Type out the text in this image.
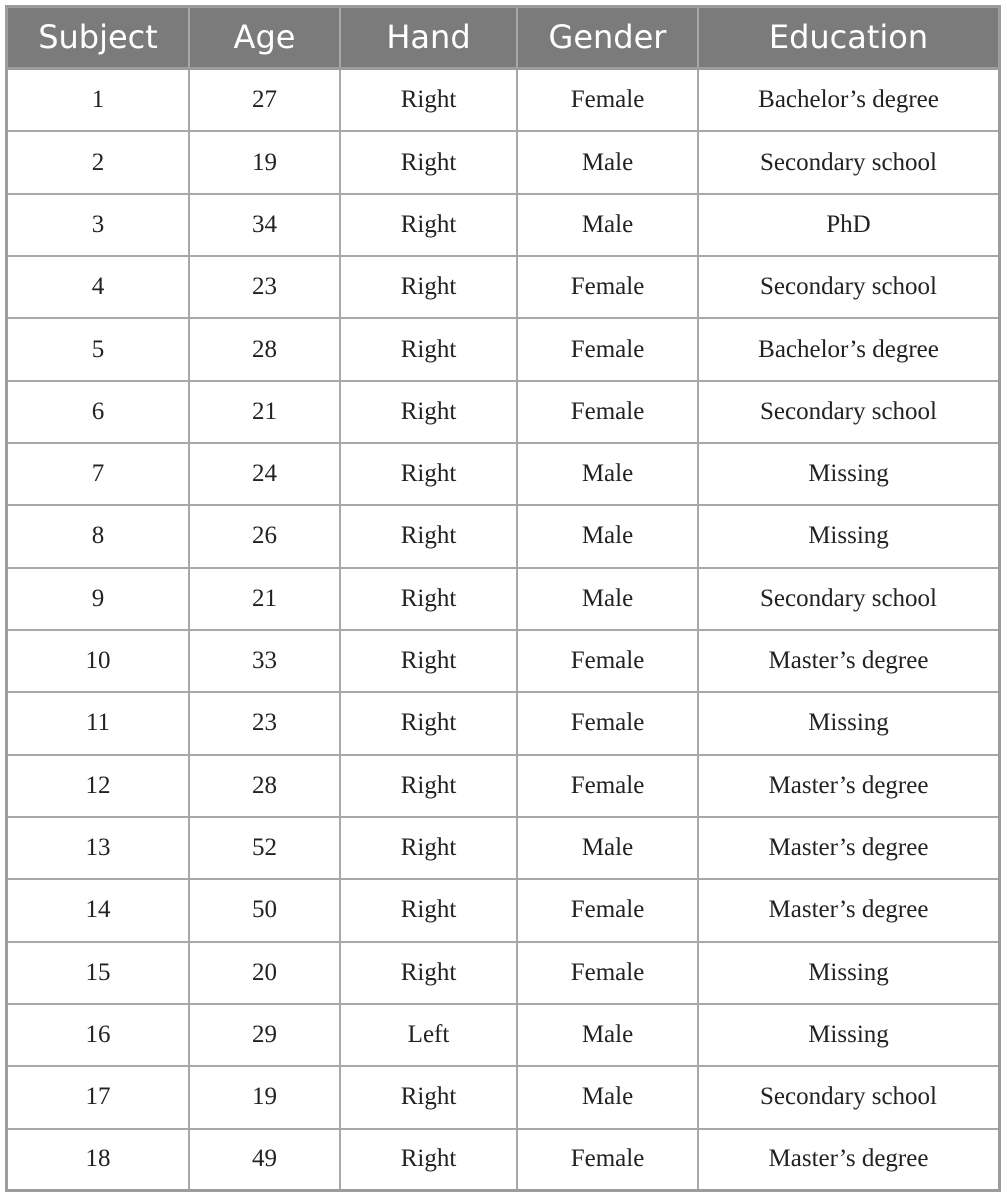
Subject	Age	Hand	Gender	Education
1	27	Right	Female	Bachelor’s degree
2	19	Right	Male	Secondary school
3	34	Right	Male	PhD
4	23	Right	Female	Secondary school
5	28	Right	Female	Bachelor’s degree
6	21	Right	Female	Secondary school
7	24	Right	Male	Missing
8	26	Right	Male	Missing
9	21	Right	Male	Secondary school
10	33	Right	Female	Master’s degree
11	23	Right	Female	Missing
12	28	Right	Female	Master’s degree
13	52	Right	Male	Master’s degree
14	50	Right	Female	Master’s degree
15	20	Right	Female	Missing
16	29	Left	Male	Missing
17	19	Right	Male	Secondary school
18	49	Right	Female	Master’s degree
